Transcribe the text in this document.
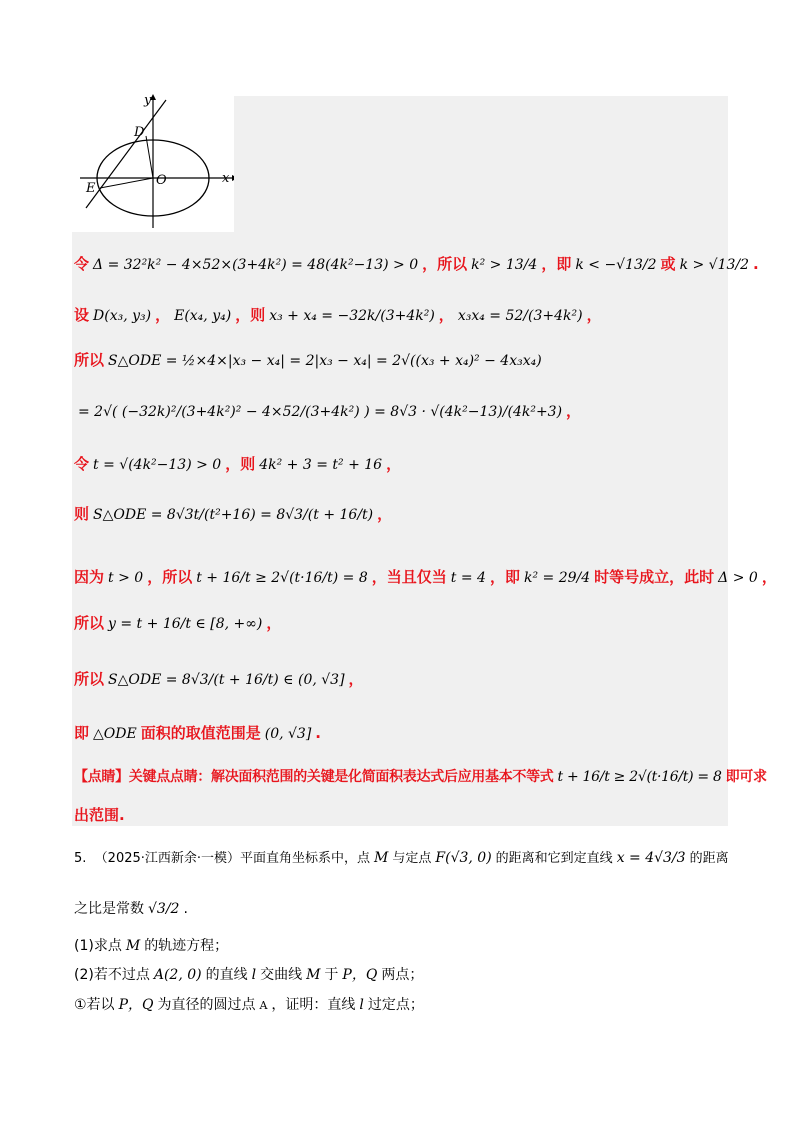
y
x
D
E
O
令 Δ = 32²k² − 4×52×(3+4k²) = 48(4k²−13) > 0 ，所以 k² > 13/4 ，即 k < −√13/2 或 k > √13/2 .
设 D(x₃, y₃) ， E(x₄, y₄) ，则 x₃ + x₄ = −32k/(3+4k²) ， x₃x₄ = 52/(3+4k²) ，
所以 S△ODE = ½×4×|x₃ − x₄| = 2|x₃ − x₄| = 2√((x₃ + x₄)² − 4x₃x₄)
= 2√( (−32k)²/(3+4k²)² − 4×52/(3+4k²) ) = 8√3 · √(4k²−13)/(4k²+3) ，
令 t = √(4k²−13) > 0 ，则 4k² + 3 = t² + 16 ，
则 S△ODE = 8√3t/(t²+16) = 8√3/(t + 16/t) ，
因为 t > 0 ，所以 t + 16/t ≥ 2√(t·16/t) = 8 ，当且仅当 t = 4 ，即 k² = 29/4 时等号成立，此时 Δ > 0 ，
所以 y = t + 16/t ∈ [8, +∞) ，
所以 S△ODE = 8√3/(t + 16/t) ∈ (0, √3] ，
即 △ODE 面积的取值范围是 (0, √3] .
【点睛】关键点点睛：解决面积范围的关键是化简面积表达式后应用基本不等式 t + 16/t ≥ 2√(t·16/t) = 8 即可求
出范围.
5. （2025·江西新余·一模）平面直角坐标系中，点 M 与定点 F(√3, 0) 的距离和它到定直线 x = 4√3/3 的距离
之比是常数 √3/2 .
(1)求点 M 的轨迹方程；
(2)若不过点 A(2, 0) 的直线 l 交曲线 M 于 P，Q 两点；
①若以 P，Q 为直径的圆过点 A ，证明：直线 l 过定点；
